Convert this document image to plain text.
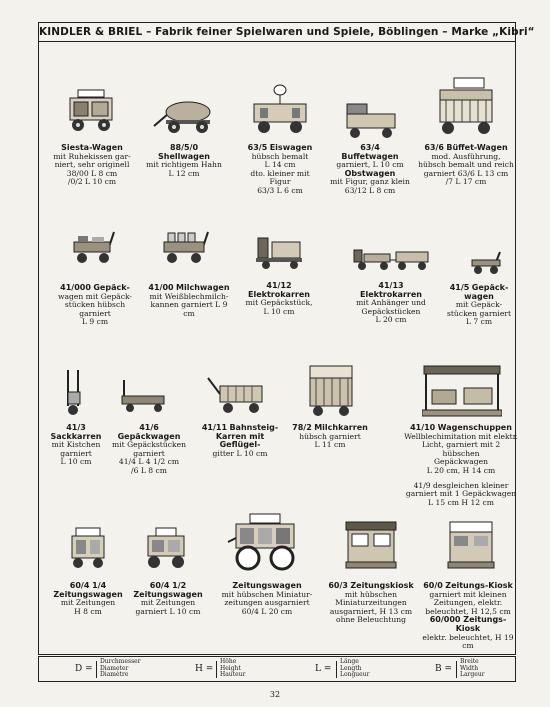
KINDLER & BRIEL – Fabrik feiner Spielwaren und Spiele, Böblingen – Marke „Kibri“
Siesta-Wagen
mit Ruhekissen gar-
niert, sehr originell
38/00 L 8 cm
/0/2 L 10 cm
88/5/0
Shellwagen
mit richtigem Hahn
L 12 cm
63/5 Eiswagen
hübsch bemalt
L 14 cm
dto. kleiner mit Figur
63/3 L 6 cm
63/4
Buffetwagen
garniert, L 10 cm
Obstwagen
mit Figur, ganz klein
63/12 L 8 cm
63/6 Büffet-Wagen
mod. Ausführung,
hübsch bemalt und reich
garniert 63/6 L 13 cm
/7 L 17 cm
41/000 Gepäck-
wagen mit Gepäck-
stücken hübsch garniert
L 9 cm
41/00 Milchwagen
mit Weißblechmilch-
kannen garniert L 9 cm
41/12
Elektrokarren
mit Gepäckstück,
L 10 cm
41/13
Elektrokarren
mit Anhänger und
Gepäckstücken
L 20 cm
41/5 Gepäck-
wagen
mit Gepäck-
stücken garniert
L 7 cm
41/3
Sackkarren
mit Kistchen
garniert
L 10 cm
41/6 Gepäckwagen
mit Gepäckstücken
garniert
41/4 L 4 1/2 cm
/6 L 8 cm
41/11 Bahnsteig-
Karren mit Geflügel-
gitter L 10 cm
78/2 Milchkarren
hübsch garniert
L 11 cm
41/10 Wagenschuppen
Wellblechimitation mit elektr.
Licht, garniert mit 2 hübschen
Gepäckwagen
L 20 cm, H 14 cm
41/9 desgleichen kleiner
garniert mit 1 Gepäckwagen
L 15 cm H 12 cm
60/4 1/4
Zeitungswagen
mit Zeitungen
H 8 cm
60/4 1/2
Zeitungswagen
mit Zeitungen
garniert L 10 cm
Zeitungswagen
mit hübschen Miniatur-
zeitungen ausgarniert
60/4 L 20 cm
60/3 Zeitungskiosk
mit hübschen
Miniaturzeitungen
ausgarniert, H 13 cm
ohne Beleuchtung
60/0 Zeitungs-Kiosk
garniert mit kleinen
Zeitungen, elektr.
beleuchtet, H 12,5 cm
60/000 Zeitungs-Kiosk
elektr. beleuchtet, H 19 cm
D =
Durchmesser
Diameter
Diamètre
H =
Höhe
Height
Hauteur
L =
Länge
Length
Longueur
B =
Breite
Width
Largeur
32
